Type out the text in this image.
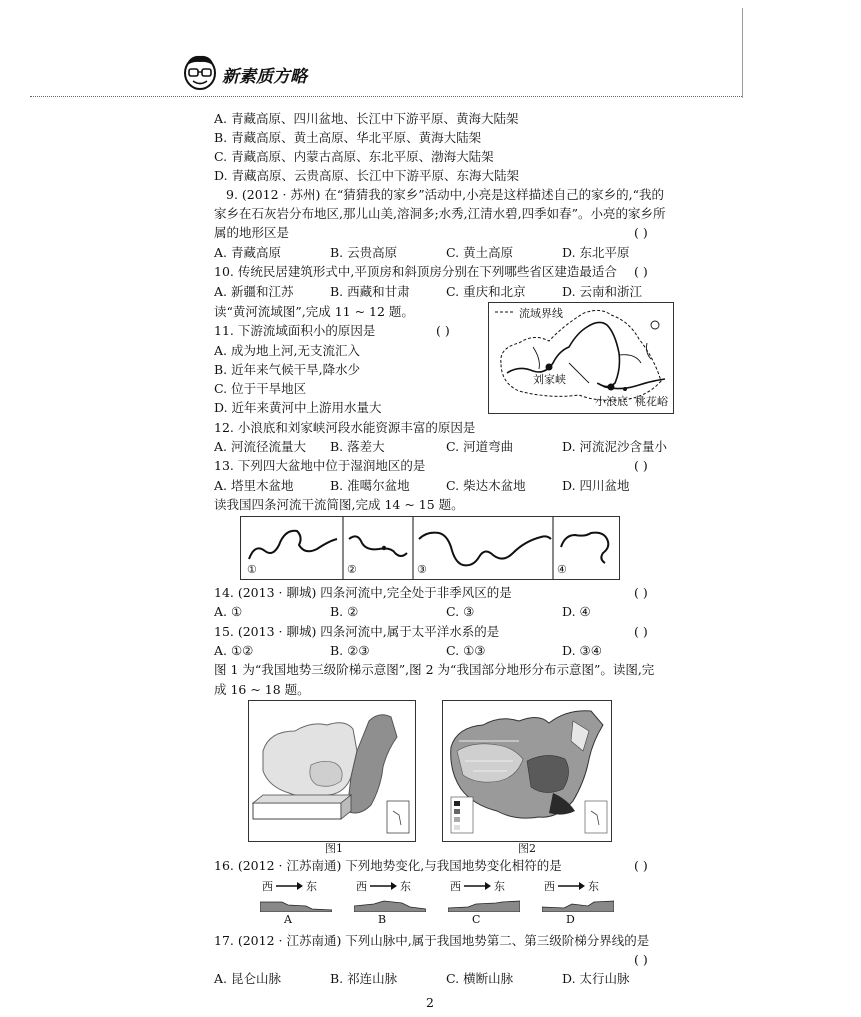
新素质方略
A. 青藏高原、四川盆地、长江中下游平原、黄海大陆架
B. 青藏高原、黄土高原、华北平原、黄海大陆架
C. 青藏高原、内蒙古高原、东北平原、渤海大陆架
D. 青藏高原、云贵高原、长江中下游平原、东海大陆架
9. (2012 · 苏州) 在“猜猜我的家乡”活动中,小亮是这样描述自己的家乡的,“我的
家乡在石灰岩分布地区,那儿山美,溶洞多;水秀,江清水碧,四季如春”。小亮的家乡所
属的地形区是	( )
A. 青藏高原	B. 云贵高原	C. 黄土高原	D. 东北平原
10. 传统民居建筑形式中,平顶房和斜顶房分别在下列哪些省区建造最适合 ( )
A. 新疆和江苏	B. 西藏和甘肃	C. 重庆和北京	D. 云南和浙江
读“黄河流域图”,完成 11 ~ 12 题。
11. 下游流域面积小的原因是	( )
A. 成为地上河,无支流汇入
B. 近年来气候干旱,降水少
C. 位于干旱地区
D. 近年来黄河中上游用水量大
流域界线
刘家峡
小浪底 桃花峪
12. 小浪底和刘家峡河段水能资源丰富的原因是
A. 河流径流量大 B. 落差大	C. 河道弯曲	D. 河流泥沙含量小
13. 下列四大盆地中位于湿润地区的是	( )
A. 塔里木盆地	B. 准噶尔盆地	C. 柴达木盆地	D. 四川盆地
读我国四条河流干流简图,完成 14 ~ 15 题。
①	②	③	④
14. (2013 · 聊城) 四条河流中,完全处于非季风区的是	( )
A. ①	B. ②	C. ③	D. ④
15. (2013 · 聊城) 四条河流中,属于太平洋水系的是	( )
A. ①②	B. ②③	C. ①③	D. ③④
图 1 为“我国地势三级阶梯示意图”,图 2 为“我国部分地形分布示意图”。读图,完
成 16 ~ 18 题。
图1	图2
16. (2012 · 江苏南通) 下列地势变化,与我国地势变化相符的是	( )
西	东
A
西	东
B
西	东
C
西	东
D
17. (2012 · 江苏南通) 下列山脉中,属于我国地势第二、第三级阶梯分界线的是
( )
A. 昆仑山脉	B. 祁连山脉	C. 横断山脉	D. 太行山脉
2
